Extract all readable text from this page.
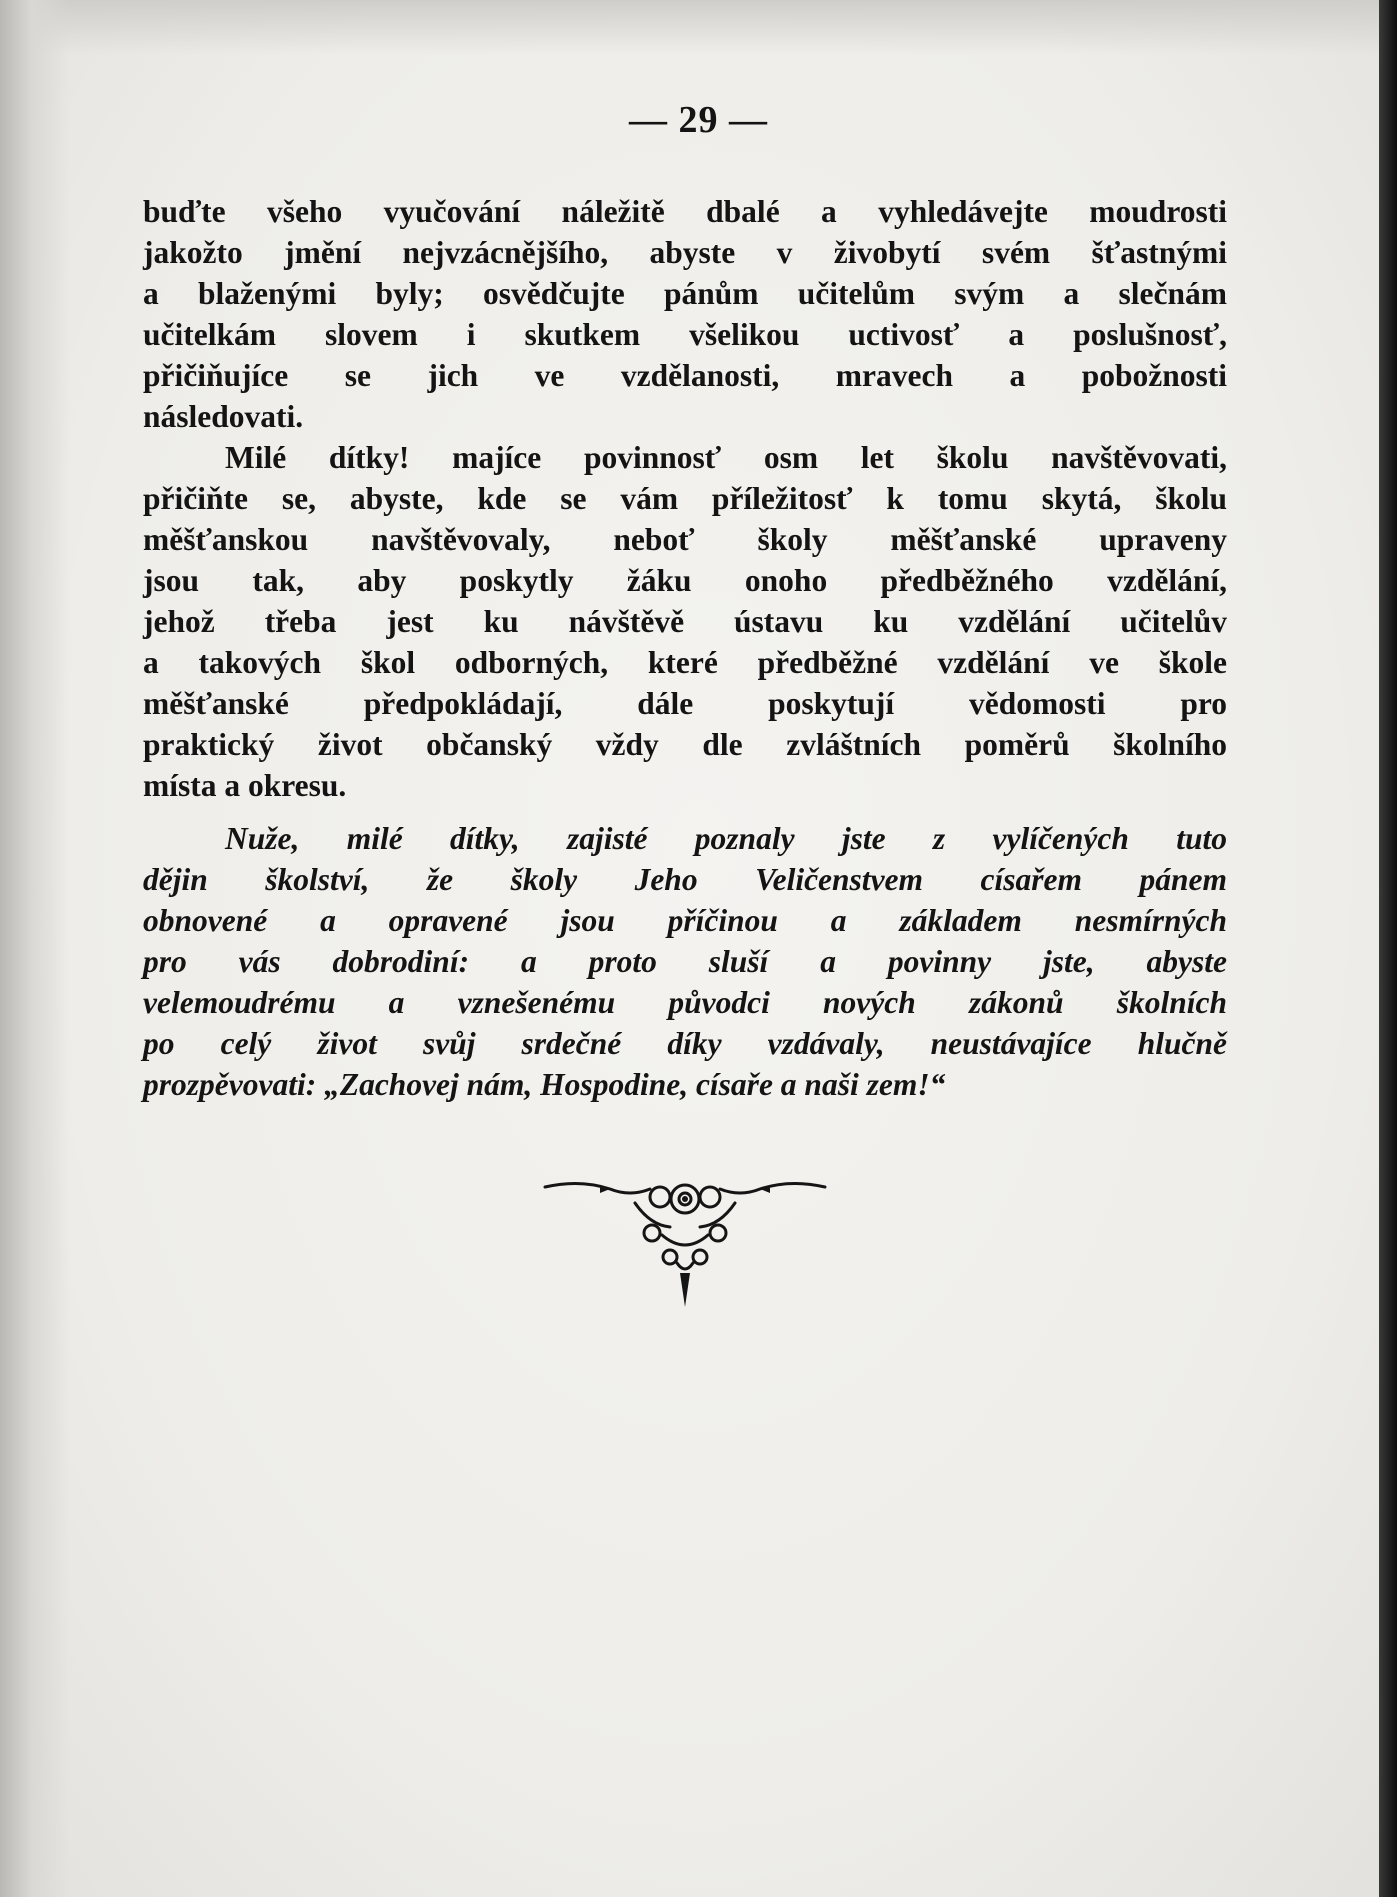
— 29 —
buďte všeho vyučování náležitě dbalé a vyhledávejte moudrosti
jakožto jmění nejvzácnějšího, abyste v živobytí svém šťastnými
a blaženými byly; osvědčujte pánům učitelům svým a slečnám
učitelkám slovem i skutkem všelikou uctivosť a poslušnosť,
přičiňujíce se jich ve vzdělanosti, mravech a pobožnosti
následovati.
Milé dítky! majíce povinnosť osm let školu navštěvovati,
přičiňte se, abyste, kde se vám příležitosť k tomu skytá, školu
měšťanskou navštěvovaly, neboť školy měšťanské upraveny
jsou tak, aby poskytly žáku onoho předběžného vzdělání,
jehož třeba jest ku návštěvě ústavu ku vzdělání učitelův
a takových škol odborných, které předběžné vzdělání ve škole
měšťanské předpokládají, dále poskytují vědomosti pro
praktický život občanský vždy dle zvláštních poměrů školního
místa a okresu.
Nuže, milé dítky, zajisté poznaly jste z vylíčených tuto
dějin školství, že školy Jeho Veličenstvem císařem pánem
obnovené a opravené jsou příčinou a základem nesmírných
pro vás dobrodiní: a proto sluší a povinny jste, abyste
velemoudrému a vznešenému původci nových zákonů školních
po celý život svůj srdečné díky vzdávaly, neustávajíce hlučně
prozpěvovati: „Zachovej nám, Hospodine, císaře a naši zem!“
